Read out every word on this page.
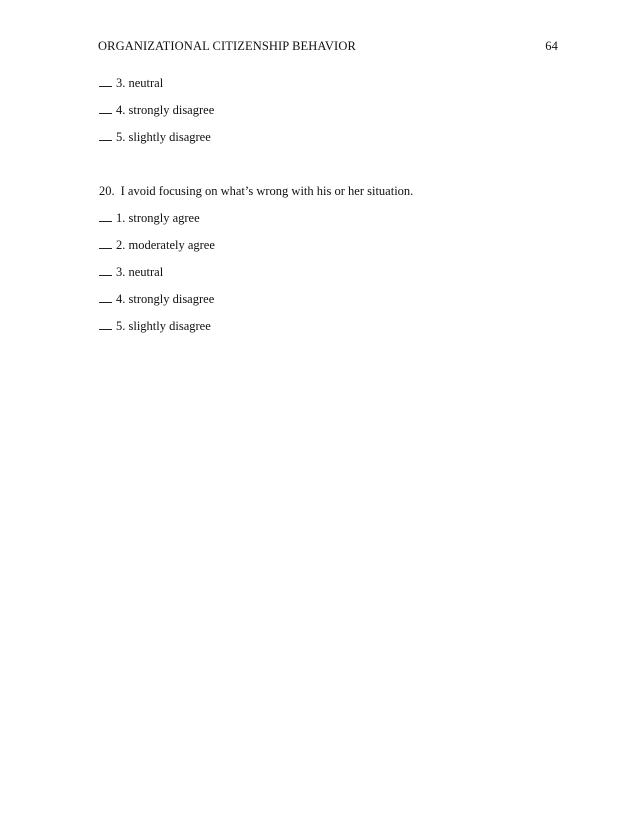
ORGANIZATIONAL CITIZENSHIP BEHAVIOR	64
3. neutral
4. strongly disagree
5. slightly disagree
20. I avoid focusing on what’s wrong with his or her situation.
1. strongly agree
2. moderately agree
3. neutral
4. strongly disagree
5. slightly disagree
